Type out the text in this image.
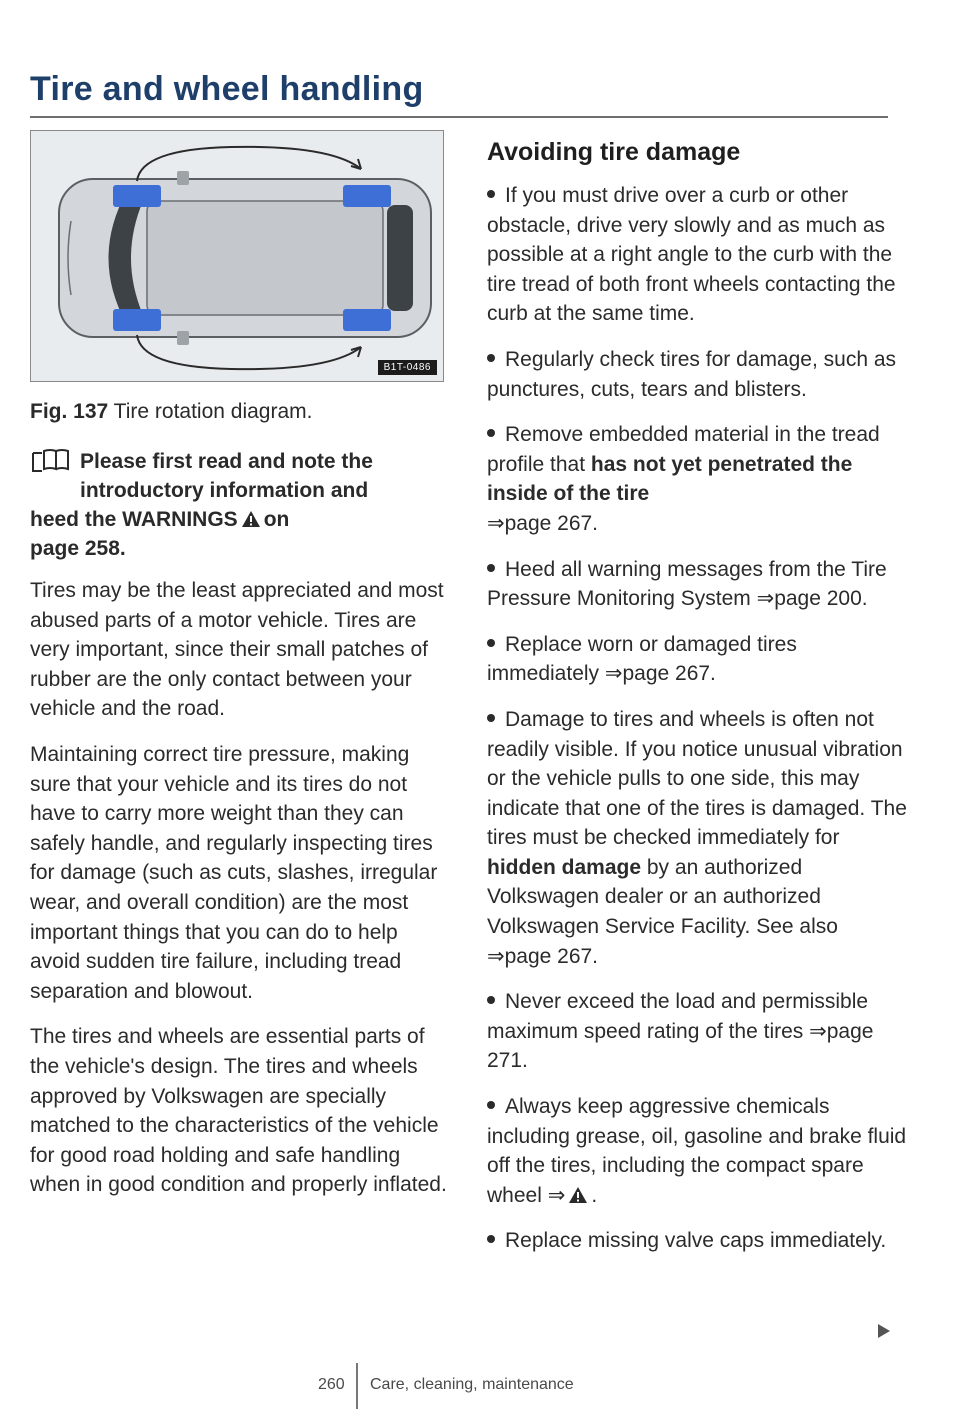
Tire and wheel handling
B1T-0486
Fig. 137 Tire rotation diagram.
Please first read and note the
introductory information and
heed the WARNINGS on
page 258.

Tires may be the least appreciated and most abused parts of a motor vehicle. Tires are very important, since their small patches of rubber are the only contact between your vehicle and the road.

Maintaining correct tire pressure, making sure that your vehicle and its tires do not have to carry more weight than they can safely handle, and regularly inspecting tires for damage (such as cuts, slashes, irregular wear, and overall condition) are the most important things that you can do to help avoid sudden tire failure, including tread separation and blowout.

The tires and wheels are essential parts of the vehicle's design. The tires and wheels approved by Volkswagen are specially matched to the characteristics of the vehicle for good road holding and safe handling when in good condition and properly inflated.

Avoiding tire damage

If you must drive over a curb or other obstacle, drive very slowly and as much as possible at a right angle to the curb with the tire tread of both front wheels contacting the curb at the same time.

Regularly check tires for damage, such as punctures, cuts, tears and blisters.

Remove embedded material in the tread profile that has not yet penetrated the inside of the tire
⇒page 267.

Heed all warning messages from the Tire Pressure Monitoring System ⇒page 200.

Replace worn or damaged tires immediately ⇒page 267.

Damage to tires and wheels is often not readily visible. If you notice unusual vibration or the vehicle pulls to one side, this may indicate that one of the tires is damaged. The tires must be checked immediately for hidden damage by an authorized Volkswagen dealer or an authorized Volkswagen Service Facility. See also ⇒page 267.

Never exceed the load and permissible maximum speed rating of the tires ⇒page 271.

Always keep aggressive chemicals including grease, oil, gasoline and brake fluid off the tires, including the compact spare wheel ⇒ .

Replace missing valve caps immediately.

260 Care, cleaning, maintenance
